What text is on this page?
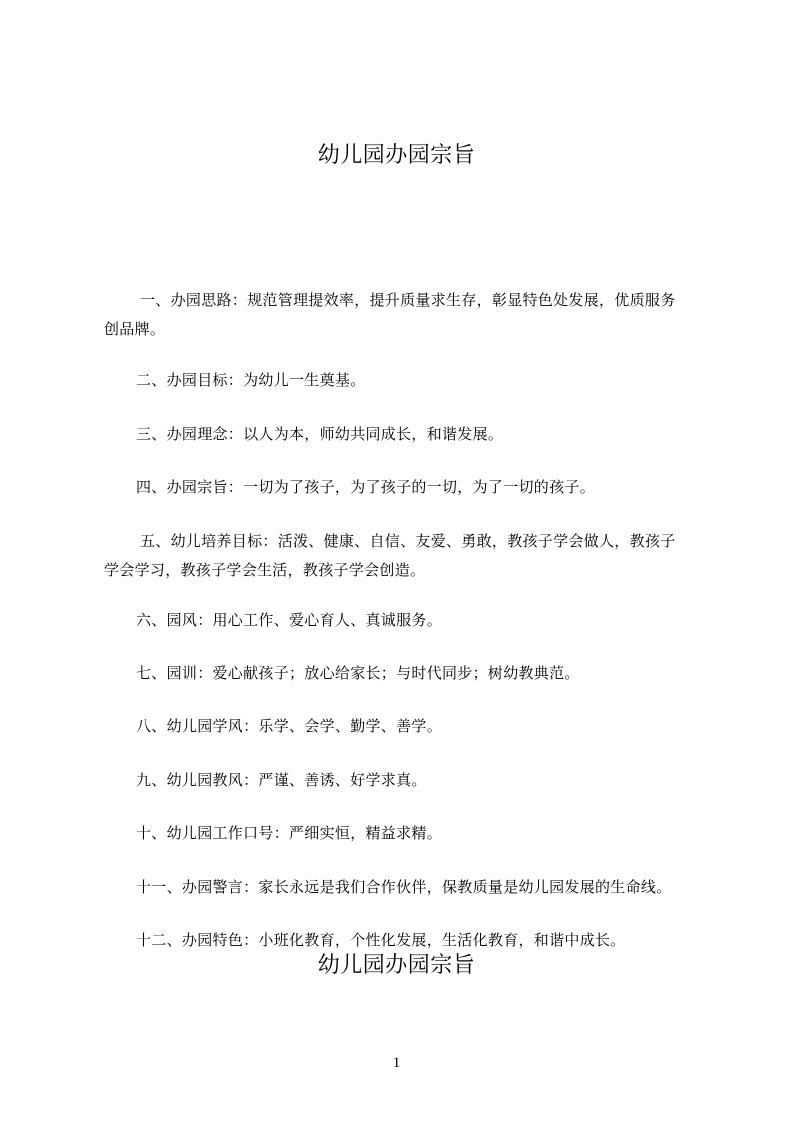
幼儿园办园宗旨
一、办园思路：规范管理提效率，提升质量求生存，彰显特色处发展，优质服务
创品牌。
二、办园目标：为幼儿一生奠基。
三、办园理念：以人为本，师幼共同成长，和谐发展。
四、办园宗旨：一切为了孩子，为了孩子的一切，为了一切的孩子。
五、幼儿培养目标：活泼、健康、自信、友爱、勇敢，教孩子学会做人，教孩子
学会学习，教孩子学会生活，教孩子学会创造。
六、园风：用心工作、爱心育人、真诚服务。
七、园训：爱心献孩子；放心给家长；与时代同步；树幼教典范。
八、幼儿园学风：乐学、会学、勤学、善学。
九、幼儿园教风：严谨、善诱、好学求真。
十、幼儿园工作口号：严细实恒，精益求精。
十一、办园警言：家长永远是我们合作伙伴，保教质量是幼儿园发展的生命线。
十二、办园特色：小班化教育，个性化发展，生活化教育，和谐中成长。
幼儿园办园宗旨
1
